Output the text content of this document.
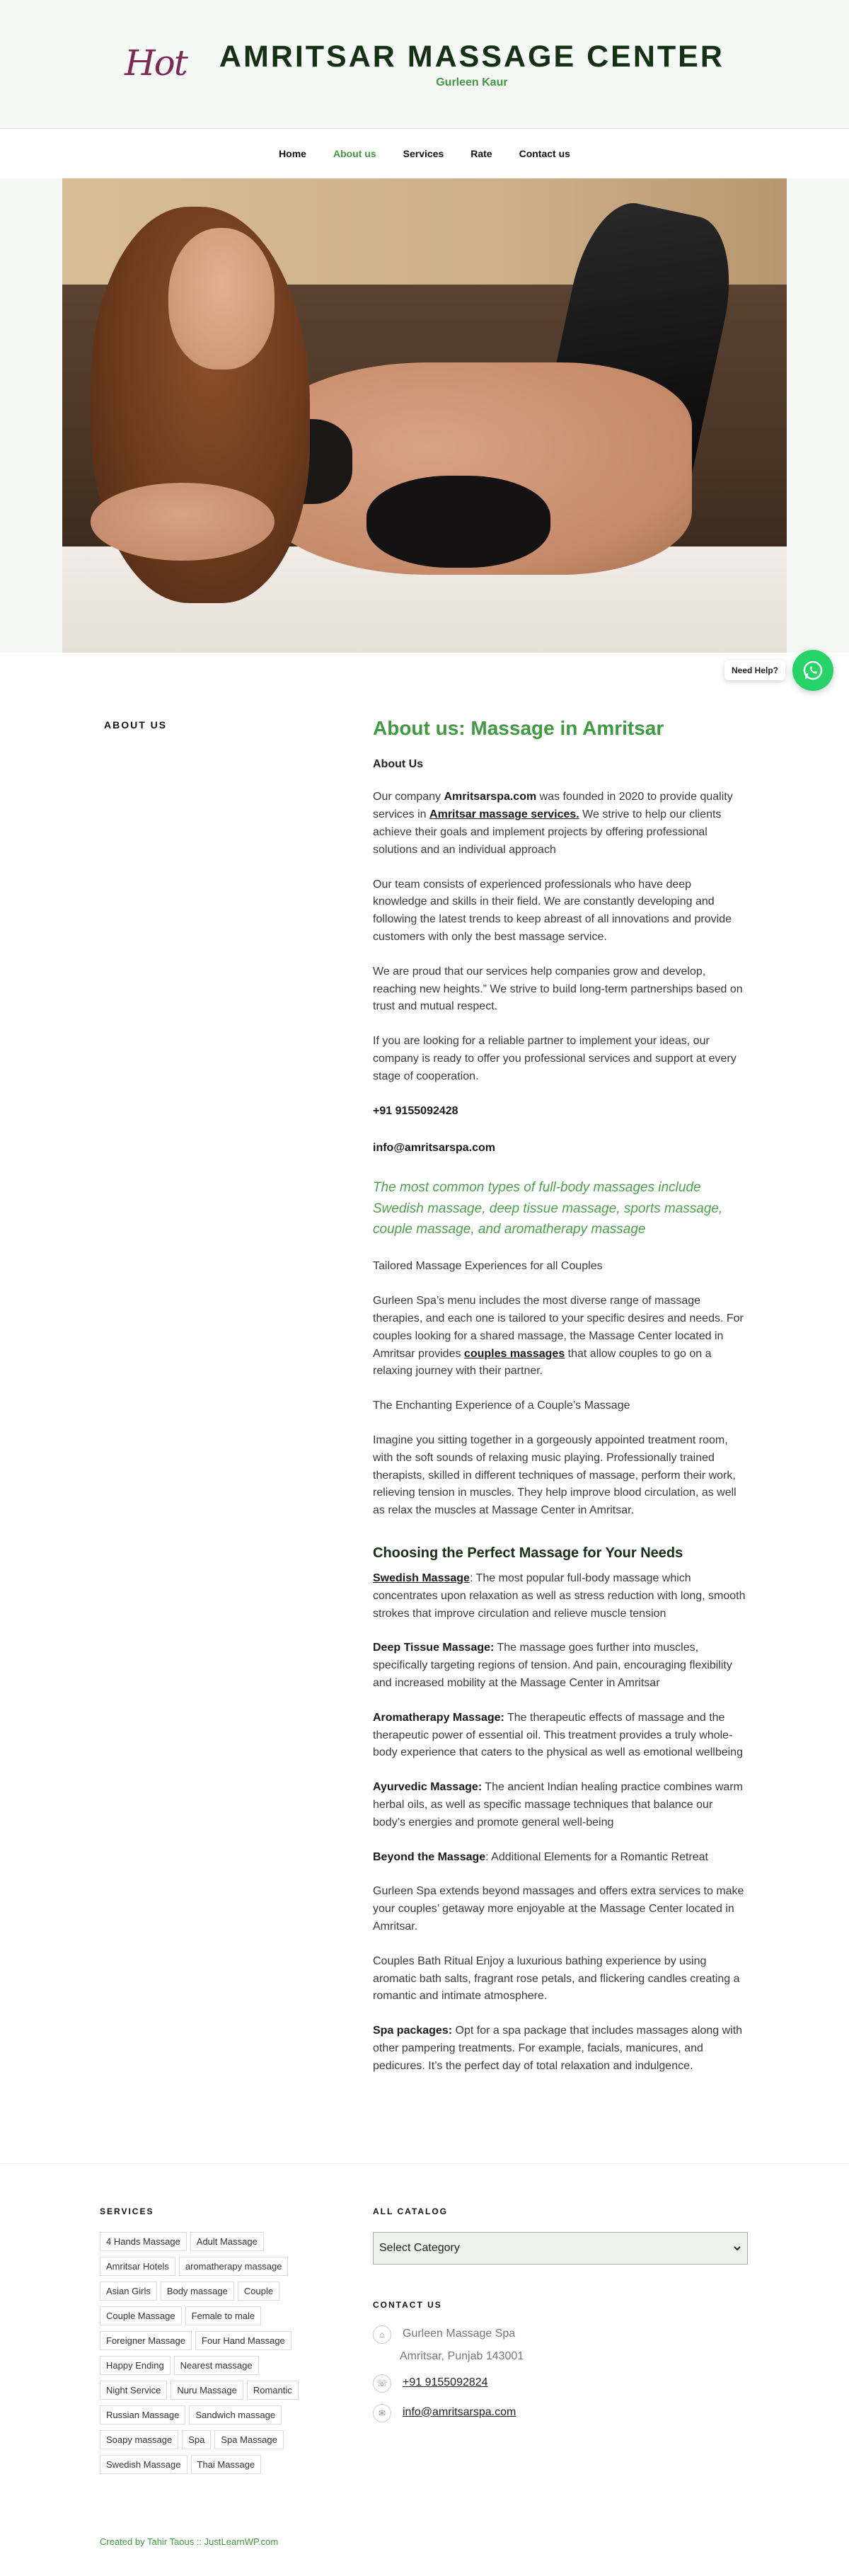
Hot AMRITSAR MASSAGE CENTER
Gurleen Kaur
Home	About us	Services	Rate	Contact us
Need Help?
ABOUT US	About us: Massage in Amritsar
About Us

Our company Amritsarspa.com was founded in 2020 to provide quality services in Amritsar massage services. We strive to help our clients achieve their goals and implement projects by offering professional solutions and an individual approach

Our team consists of experienced professionals who have deep knowledge and skills in their field. We are constantly developing and following the latest trends to keep abreast of all innovations and provide customers with only the best massage service.

We are proud that our services help companies grow and develop, reaching new heights.” We strive to build long-term partnerships based on trust and mutual respect.

If you are looking for a reliable partner to implement your ideas, our company is ready to offer you professional services and support at every stage of cooperation.

+91 9155092428
info@amritsarspa.com
The most common types of full-body massages include Swedish massage, deep tissue massage, sports massage, couple massage, and aromatherapy massage

Tailored Massage Experiences for all Couples

Gurleen Spa’s menu includes the most diverse range of massage therapies, and each one is tailored to your specific desires and needs. For couples looking for a shared massage, the Massage Center located in Amritsar provides couples massages that allow couples to go on a relaxing journey with their partner.

The Enchanting Experience of a Couple’s Massage

Imagine you sitting together in a gorgeously appointed treatment room, with the soft sounds of relaxing music playing. Professionally trained therapists, skilled in different techniques of massage, perform their work, relieving tension in muscles. They help improve blood circulation, as well as relax the muscles at Massage Center in Amritsar.

Choosing the Perfect Massage for Your Needs

Swedish Massage: The most popular full-body massage which concentrates upon relaxation as well as stress reduction with long, smooth strokes that improve circulation and relieve muscle tension

Deep Tissue Massage: The massage goes further into muscles, specifically targeting regions of tension. And pain, encouraging flexibility and increased mobility at the Massage Center in Amritsar

Aromatherapy Massage: The therapeutic effects of massage and the therapeutic power of essential oil. This treatment provides a truly whole-body experience that caters to the physical as well as emotional wellbeing

Ayurvedic Massage: The ancient Indian healing practice combines warm herbal oils, as well as specific massage techniques that balance our body’s energies and promote general well-being

Beyond the Massage: Additional Elements for a Romantic Retreat

Gurleen Spa extends beyond massages and offers extra services to make your couples’ getaway more enjoyable at the Massage Center located in Amritsar.

Couples Bath Ritual Enjoy a luxurious bathing experience by using aromatic bath salts, fragrant rose petals, and flickering candles creating a romantic and intimate atmosphere.

Spa packages: Opt for a spa package that includes massages along with other pampering treatments. For example, facials, manicures, and pedicures. It’s the perfect day of total relaxation and indulgence.

SERVICES
4 Hands Massage Adult MassageAmritsar Hotels aromatherapy massageAsian Girls Body massage CoupleCouple Massage Female to maleForeigner Massage Four Hand MassageHappy Ending Nearest massageNight Service Nuru Massage RomanticRussian Massage Sandwich massageSoapy massage Spa Spa MassageSwedish Massage Thai Massage
ALL CATALOG
Select Category
CONTACT US
⌂	Gurleen Massage Spa
Amritsar, Punjab 143001
☏	+91 9155092824
✉	info@amritsarspa.com
Created by Tahir Taous :: JustLearnWP.com
